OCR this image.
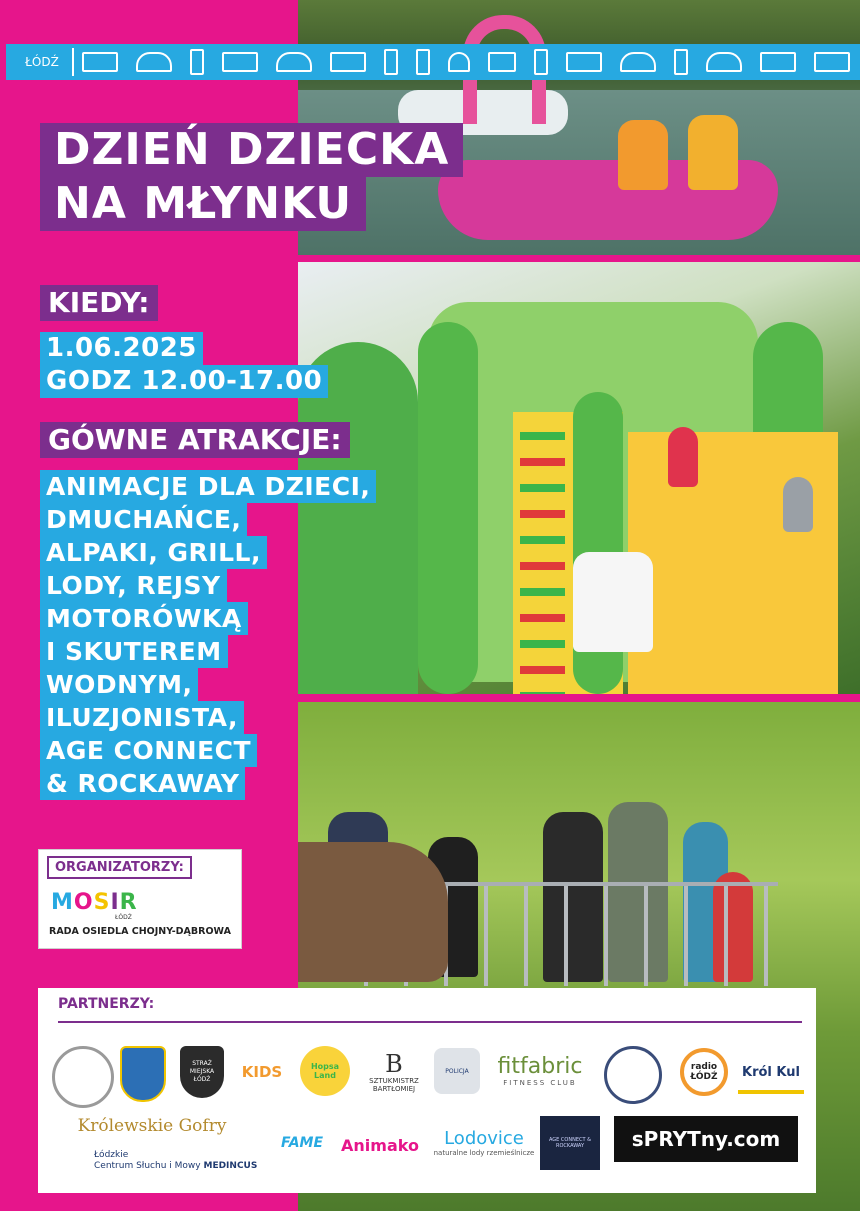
ŁÓDŹ
DZIEŃ DZIECKA
NA MŁYNKU
KIEDY:
1.06.2025
GODZ 12.00-17.00
GÓWNE ATRAKCJE:
ANIMACJE DLA DZIECI,
DMUCHAŃCE,
ALPAKI, GRILL,
LODY, REJSY
MOTORÓWKĄ
I SKUTEREM
WODNYM,
ILUZJONISTA,
AGE CONNECT
& ROCKAWAY
ORGANIZATORZY:
MOSIR
ŁÓDŹ
RADA OSIEDLA CHOJNY-DĄBROWA
PARTNERZY:
STRAŻ
MIEJSKA
ŁÓDŹ KIDS	Hopsa Land	B
SZTUKMISTRZ
BARTŁOMIEJ
POLICJA	fitfabric
FITNESS CLUB
radio
ŁÓDŹ	Król Kul
Królewskie Gofry
Łódzkie
Centrum Słuchu i Mowy MEDINCUS
FAME	Animako	Lodovice
naturalne lody rzemieślnicze
AGE CONNECT & ROCKAWAY	sPRYTny.com
